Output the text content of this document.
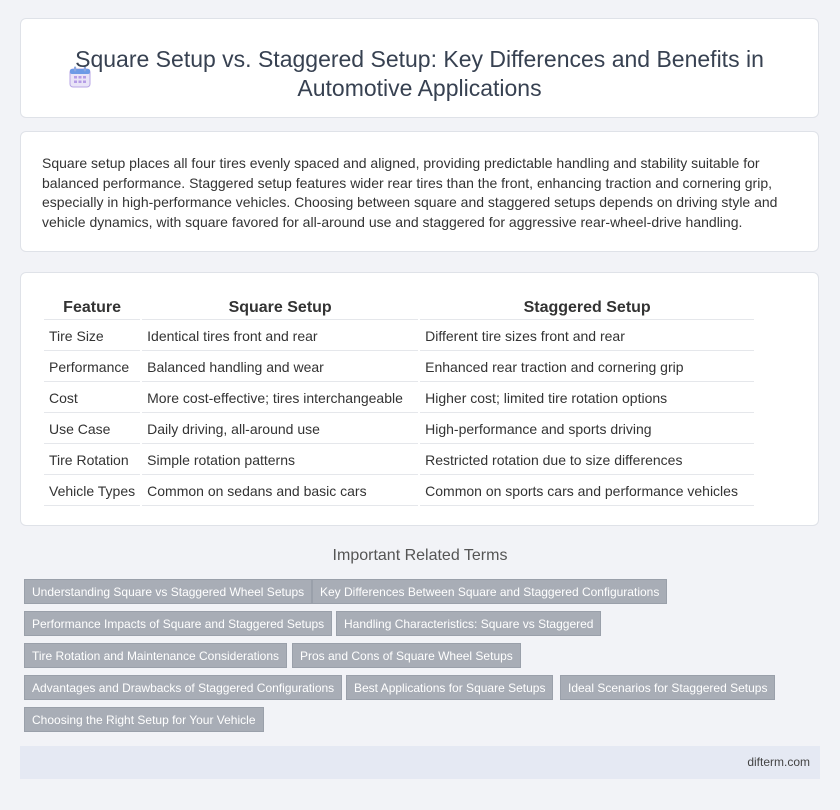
Square Setup vs. Staggered Setup: Key Differences and Benefits in Automotive Applications
Square setup places all four tires evenly spaced and aligned, providing predictable handling and stability suitable for balanced performance. Staggered setup features wider rear tires than the front, enhancing traction and cornering grip, especially in high-performance vehicles. Choosing between square and staggered setups depends on driving style and vehicle dynamics, with square favored for all-around use and staggered for aggressive rear-wheel-drive handling.
Feature	Square Setup	Staggered Setup
Tire Size	Identical tires front and rear	Different tire sizes front and rear
Performance	Balanced handling and wear	Enhanced rear traction and cornering grip
Cost	More cost-effective; tires interchangeable	Higher cost; limited tire rotation options
Use Case	Daily driving, all-around use	High-performance and sports driving
Tire Rotation	Simple rotation patterns	Restricted rotation due to size differences
Vehicle Types	Common on sedans and basic cars	Common on sports cars and performance vehicles
Important Related Terms
Understanding Square vs Staggered Wheel Setups	Key Differences Between Square and Staggered Configurations
Performance Impacts of Square and Staggered Setups	Handling Characteristics: Square vs Staggered
Tire Rotation and Maintenance Considerations	Pros and Cons of Square Wheel Setups
Advantages and Drawbacks of Staggered Configurations	Best Applications for Square Setups	Ideal Scenarios for Staggered Setups
Choosing the Right Setup for Your Vehicle
difterm.com
